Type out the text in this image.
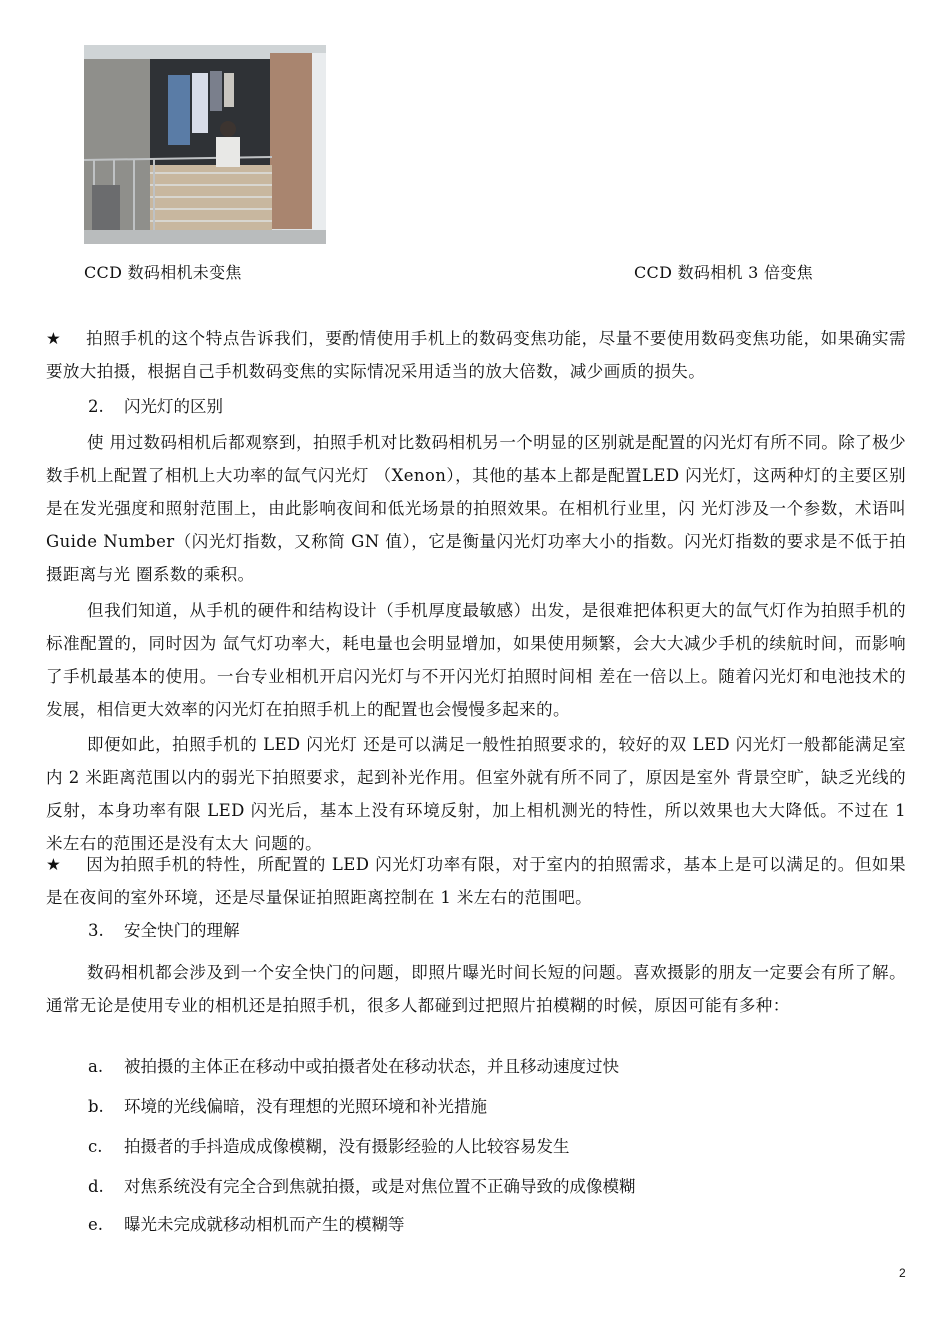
CCD 数码相机未变焦	CCD 数码相机 3 倍变焦

★ 拍照手机的这个特点告诉我们，要酌情使用手机上的数码变焦功能，尽量不要使用数码变焦功能，如果确实需要放大拍摄，根据自己手机数码变焦的实际情况采用适当的放大倍数，减少画质的损失。

2. 闪光灯的区别

使 用过数码相机后都观察到，拍照手机对比数码相机另一个明显的区别就是配置的闪光灯有所不同。除了极少数手机上配置了相机上大功率的氙气闪光灯 （Xenon），其他的基本上都是配置LED 闪光灯，这两种灯的主要区别是在发光强度和照射范围上，由此影响夜间和低光场景的拍照效果。在相机行业里，闪 光灯涉及一个参数，术语叫 Guide Number（闪光灯指数，又称简 GN 值），它是衡量闪光灯功率大小的指数。闪光灯指数的要求是不低于拍摄距离与光 圈系数的乘积。

但我们知道，从手机的硬件和结构设计（手机厚度最敏感）出发，是很难把体积更大的氙气灯作为拍照手机的标准配置的，同时因为 氙气灯功率大，耗电量也会明显增加，如果使用频繁，会大大减少手机的续航时间，而影响了手机最基本的使用。一台专业相机开启闪光灯与不开闪光灯拍照时间相 差在一倍以上。随着闪光灯和电池技术的发展，相信更大效率的闪光灯在拍照手机上的配置也会慢慢多起来的。

即便如此，拍照手机的 LED 闪光灯 还是可以满足一般性拍照要求的，较好的双 LED 闪光灯一般都能满足室内 2 米距离范围以内的弱光下拍照要求，起到补光作用。但室外就有所不同了，原因是室外 背景空旷，缺乏光线的反射，本身功率有限 LED 闪光后，基本上没有环境反射，加上相机测光的特性，所以效果也大大降低。不过在 1 米左右的范围还是没有太大 问题的。

★ 因为拍照手机的特性，所配置的 LED 闪光灯功率有限，对于室内的拍照需求，基本上是可以满足的。但如果是在夜间的室外环境，还是尽量保证拍照距离控制在 1 米左右的范围吧。

3. 安全快门的理解

数码相机都会涉及到一个安全快门的问题，即照片曝光时间长短的问题。喜欢摄影的朋友一定要会有所了解。通常无论是使用专业的相机还是拍照手机，很多人都碰到过把照片拍模糊的时候，原因可能有多种：

a. 被拍摄的主体正在移动中或拍摄者处在移动状态，并且移动速度过快

b. 环境的光线偏暗，没有理想的光照环境和补光措施

c. 拍摄者的手抖造成成像模糊，没有摄影经验的人比较容易发生

d. 对焦系统没有完全合到焦就拍摄，或是对焦位置不正确导致的成像模糊

e. 曝光未完成就移动相机而产生的模糊等

2
